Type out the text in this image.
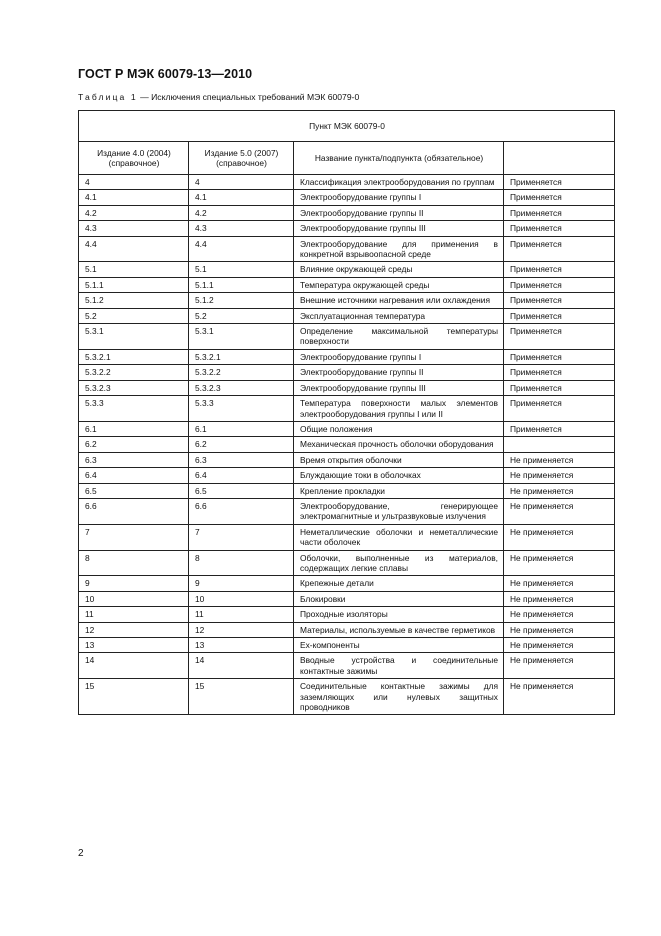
ГОСТ Р МЭК 60079-13—2010
Таблица 1 — Исключения специальных требований МЭК 60079-0
Пункт МЭК 60079-0			
Издание 4.0 (2004) (справочное)	Издание 5.0 (2007) (справочное)	Название пункта/подпункта (обязательное)	
4	4	Классификация электрооборудования по группам	Применяется
4.1	4.1	Электрооборудование группы I	Применяется
4.2	4.2	Электрооборудование группы II	Применяется
4.3	4.3	Электрооборудование группы III	Применяется
4.4	4.4	Электрооборудование для применения в конкретной взрывоопасной среде	Применяется
5.1	5.1	Влияние окружающей среды	Применяется
5.1.1	5.1.1	Температура окружающей среды	Применяется
5.1.2	5.1.2	Внешние источники нагревания или охлаждения	Применяется
5.2	5.2	Эксплуатационная температура	Применяется
5.3.1	5.3.1	Определение максимальной температуры поверхности	Применяется
5.3.2.1	5.3.2.1	Электрооборудование группы I	Применяется
5.3.2.2	5.3.2.2	Электрооборудование группы II	Применяется
5.3.2.3	5.3.2.3	Электрооборудование группы III	Применяется
5.3.3	5.3.3	Температура поверхности малых элементов электрооборудования группы I или II	Применяется
6.1	6.1	Общие положения	Применяется
6.2	6.2	Механическая прочность оболочки оборудования	
6.3	6.3	Время открытия оболочки	Не применяется
6.4	6.4	Блуждающие токи в оболочках	Не применяется
6.5	6.5	Крепление прокладки	Не применяется
6.6	6.6	Электрооборудование, генерирующее электромагнитные и ультразвуковые излучения	Не применяется
7	7	Неметаллические оболочки и неметаллические части оболочек	Не применяется
8	8	Оболочки, выполненные из материалов, содержащих легкие сплавы	Не применяется
9	9	Крепежные детали	Не применяется
10	10	Блокировки	Не применяется
11	11	Проходные изоляторы	Не применяется
12	12	Материалы, используемые в качестве герметиков	Не применяется
13	13	Ex-компоненты	Не применяется
14	14	Вводные устройства и соединительные контактные зажимы	Не применяется
15	15	Соединительные контактные зажимы для заземляющих или нулевых защитных проводников	Не применяется
2
